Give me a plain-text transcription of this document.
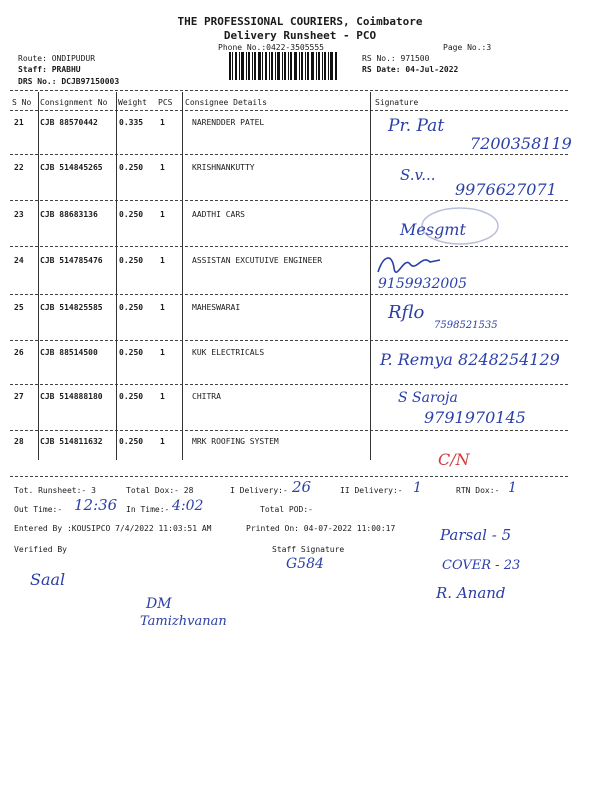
THE PROFESSIONAL COURIERS, Coimbatore
Delivery Runsheet - PCO
Phone No.:0422-3505555	Page No.:3
Route: ONDIPUDUR
Staff: PRABHU
DRS No.: DCJB97150003
RS No.: 971500
RS Date: 04-Jul-2022
S No Consignment No Weight PCS Consignee Details	Signature
21 CJB 88570442	0.335 1	NARENDDER PATEL	Pr. Pat
7200358119
22 CJB 514845265 0.250 1	KRISHNANKUTTY	S.v...
9976627071
23 CJB 88683136	0.250 1	AADTHI CARS
Mesgmt
24 CJB 514785476 0.250 1	ASSISTAN EXCUTUIVE ENGINEER
9159932005
25 CJB 514825585 0.250 1	MAHESWARAI	Rflo
7598521535
26 CJB 88514500	0.250 1	KUK ELECTRICALS	P. Remya 8248254129
27 CJB 514888180 0.250 1	CHITRA	S Saroja
9791970145
28 CJB 514811632 0.250 1	MRK ROOFING SYSTEM
C/N
Tot. Runsheet:- 3	Total Dox:- 28	I Delivery:- 26	II Delivery:- 1	RTN Dox:- 1
Out Time:- 12:36 In Time:- 4:02	Total POD:-
Entered By :KOUSIPCO 7/4/2022 11:03:51 AM	Printed On: 04-07-2022 11:00:17
Verified By	Staff Signature
Saal
G584
DM
Tamizhvanan
Parsal - 5
COVER - 23
R. Anand
